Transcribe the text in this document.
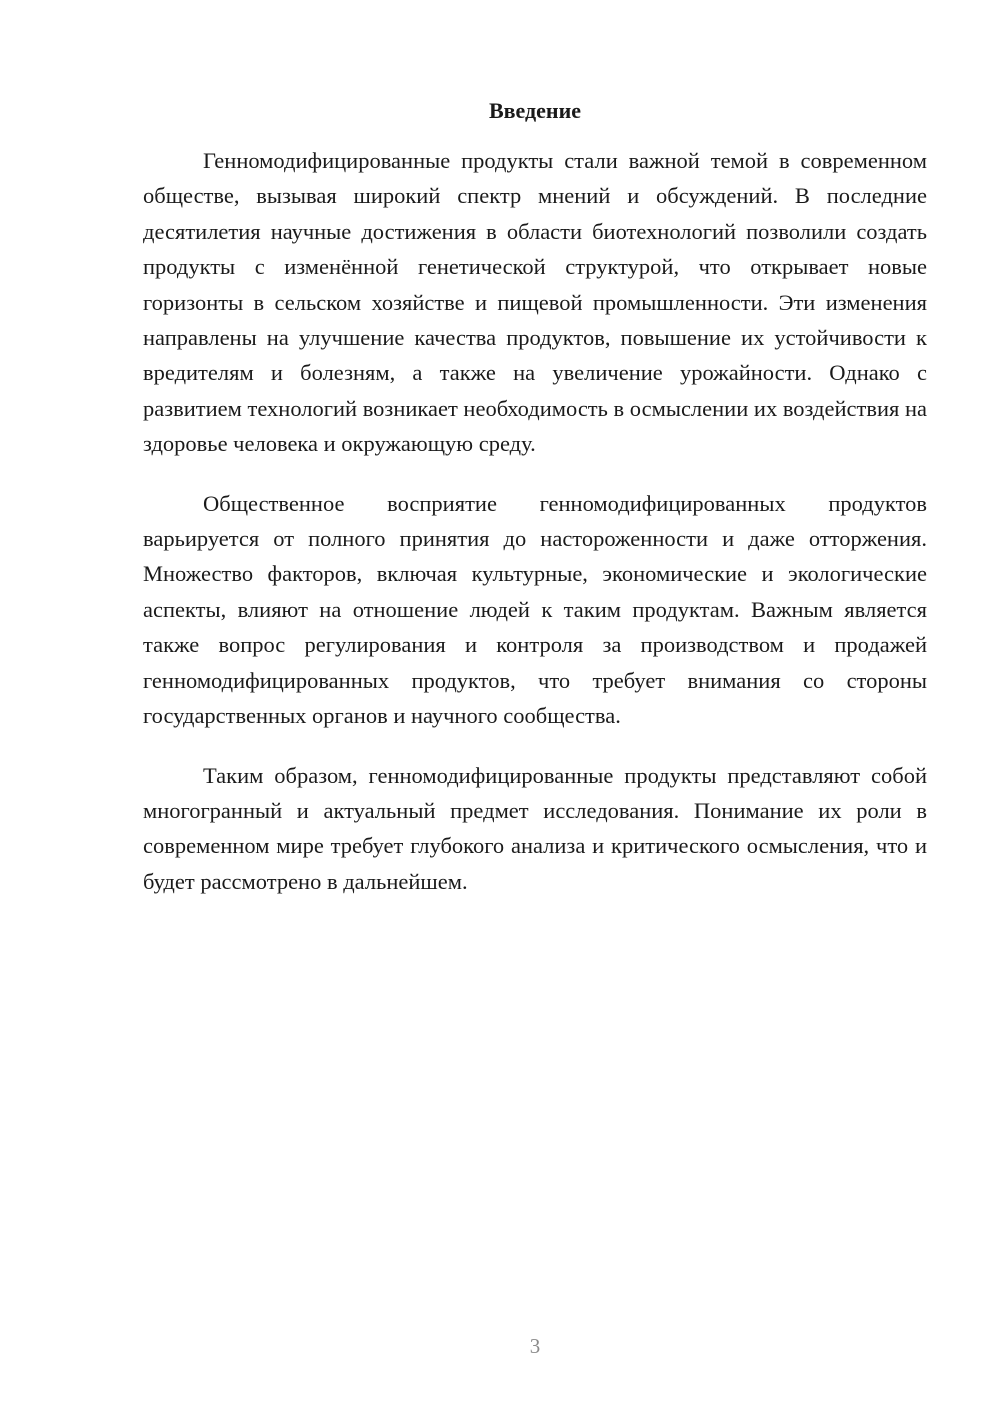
Введение

Генномодифицированные продукты стали важной темой в современном обществе, вызывая широкий спектр мнений и обсуждений. В последние десятилетия научные достижения в области биотехнологий позволили создать продукты с изменённой генетической структурой, что открывает новые горизонты в сельском хозяйстве и пищевой промышленности. Эти изменения направлены на улучшение качества продуктов, повышение их устойчивости к вредителям и болезням, а также на увеличение урожайности. Однако с развитием технологий возникает необходимость в осмыслении их воздействия на здоровье человека и окружающую среду.

Общественное восприятие генномодифицированных продуктов варьируется от полного принятия до настороженности и даже отторжения. Множество факторов, включая культурные, экономические и экологические аспекты, влияют на отношение людей к таким продуктам. Важным является также вопрос регулирования и контроля за производством и продажей генномодифицированных продуктов, что требует внимания со стороны государственных органов и научного сообщества.

Таким образом, генномодифицированные продукты представляют собой многогранный и актуальный предмет исследования. Понимание их роли в современном мире требует глубокого анализа и критического осмысления, что и будет рассмотрено в дальнейшем.

3
